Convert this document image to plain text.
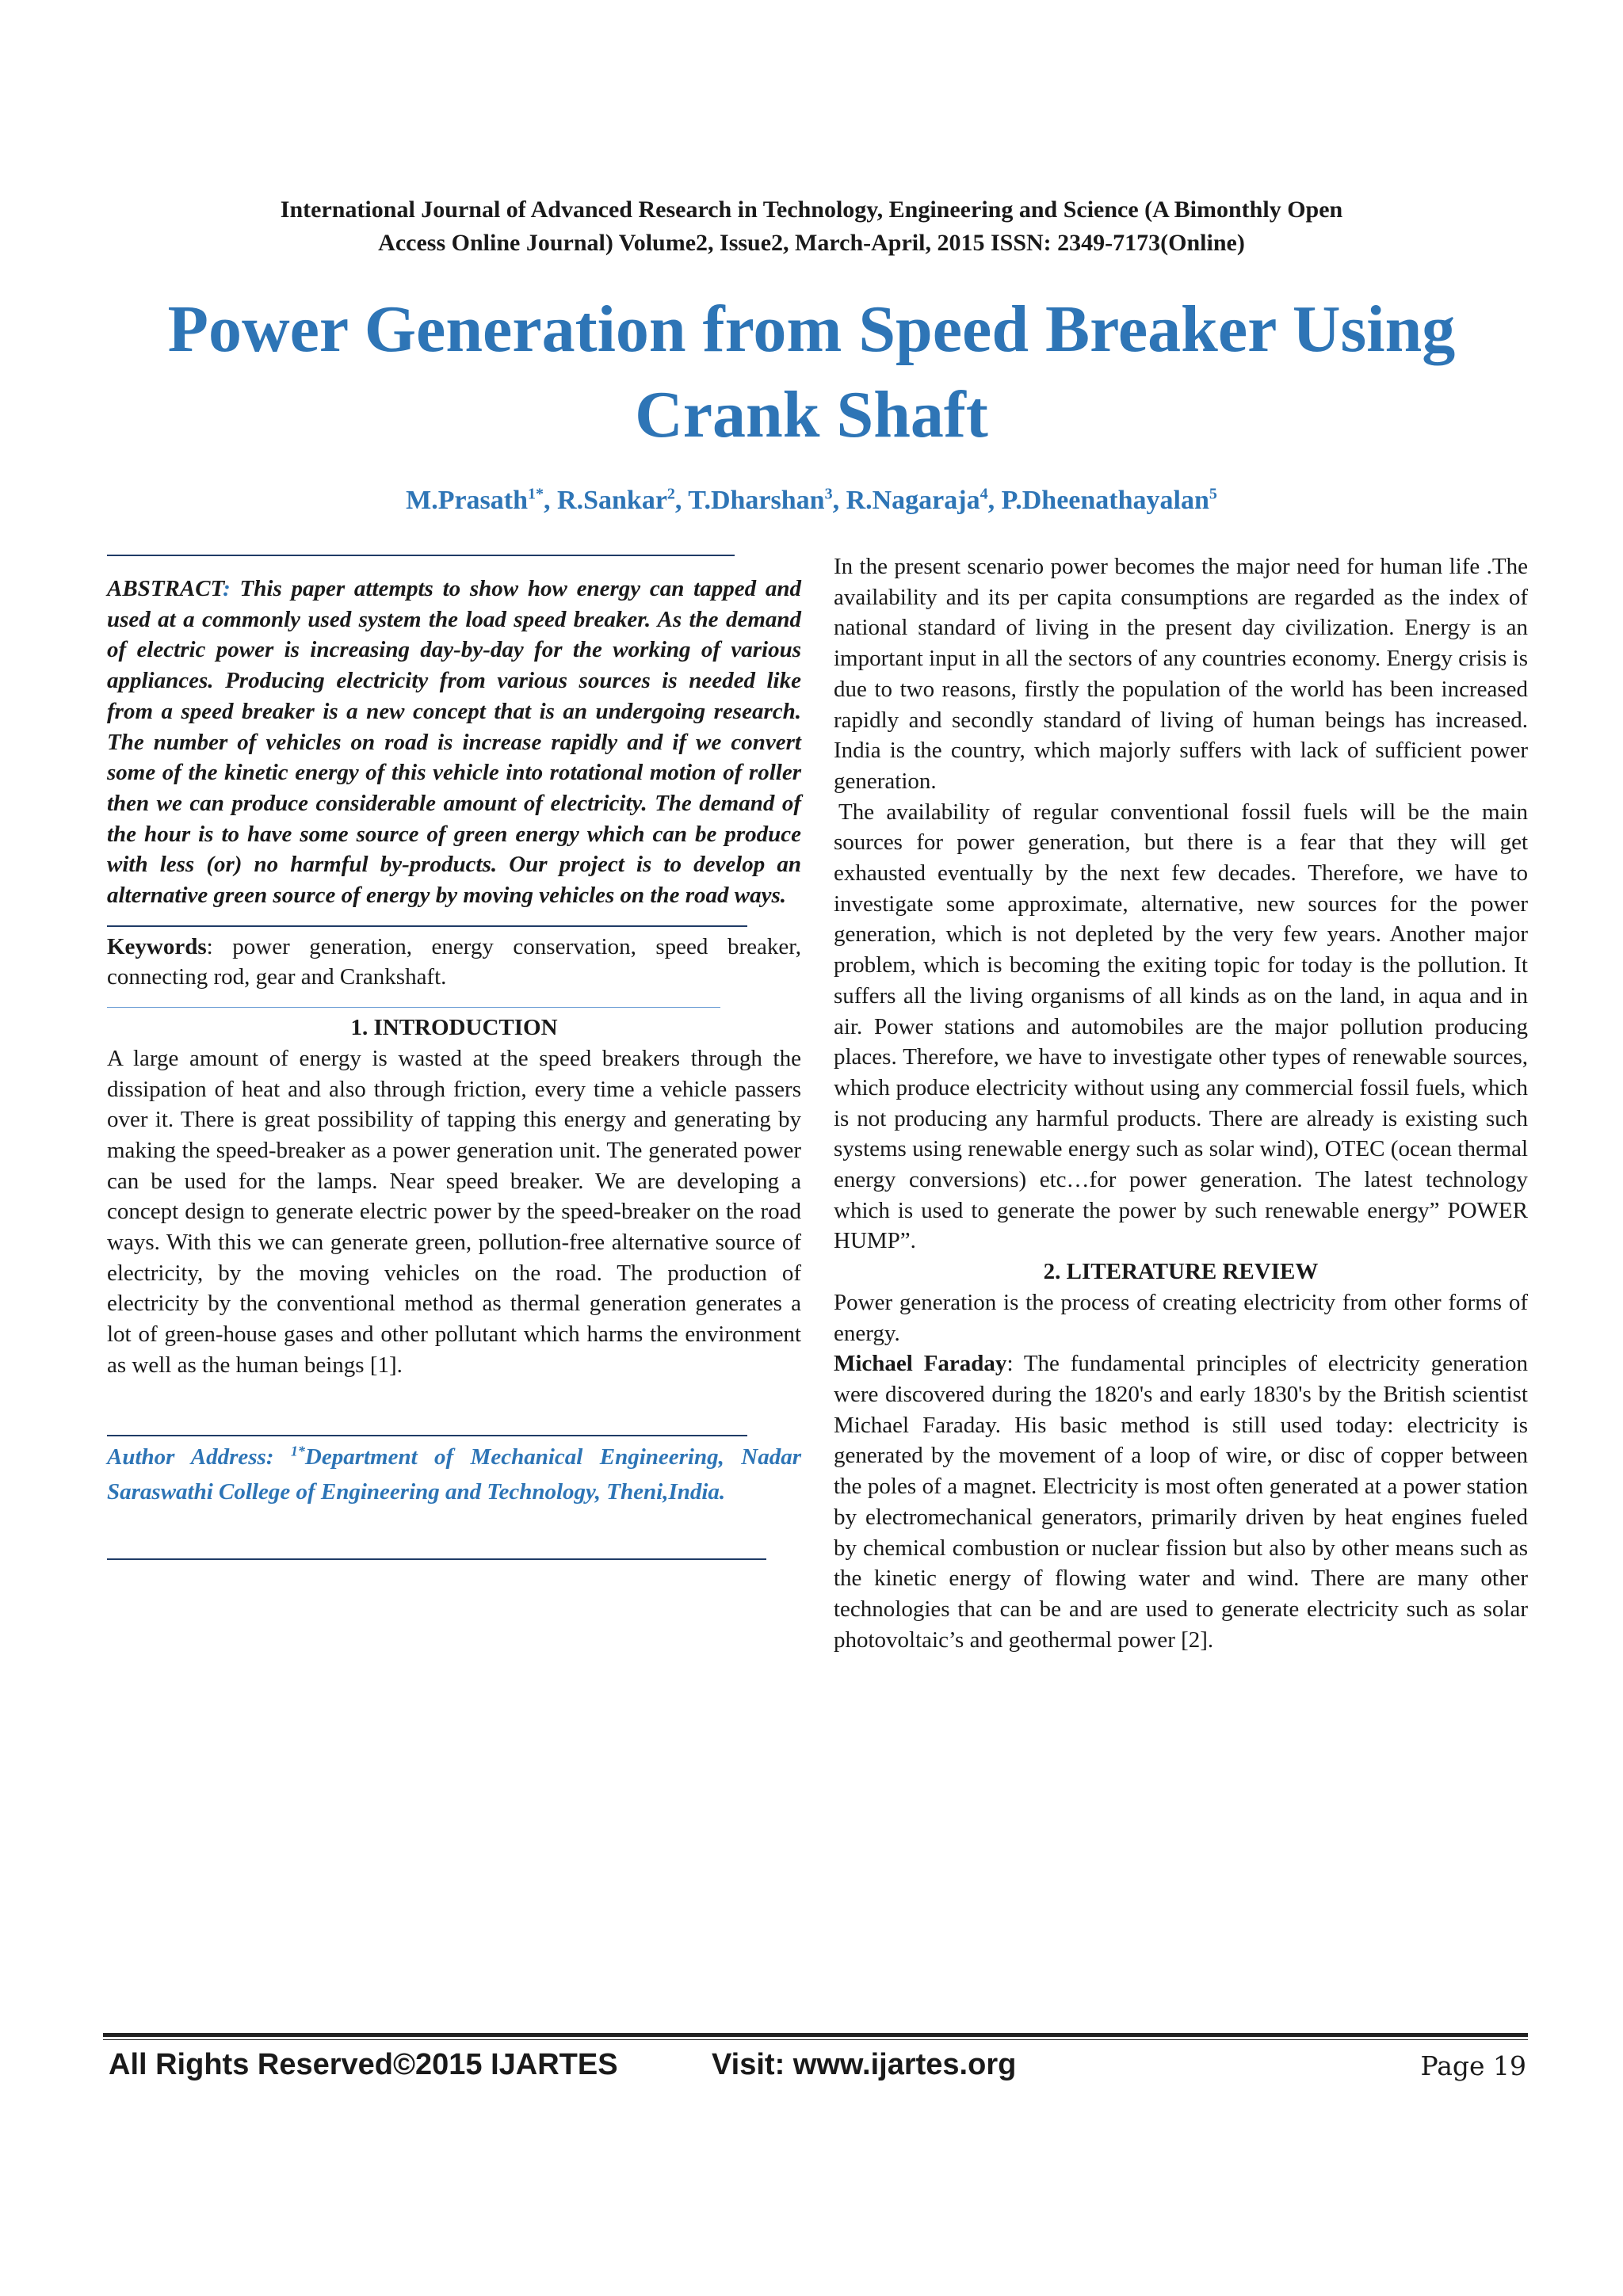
International Journal of Advanced Research in Technology, Engineering and Science (A Bimonthly Open
Access Online Journal) Volume2, Issue2, March-April, 2015 ISSN: 2349-7173(Online)
Power Generation from Speed Breaker Using
Crank Shaft
M.Prasath$^{1*}$, R.Sankar$^2$, T.Dharshan$^3$, R.Nagaraja$^4$, P.Dheenathayalan$^5$

ABSTRACT: This paper attempts to show how energy can tapped and used at a commonly used system the load speed breaker. As the demand of electric power is increasing day-by-day for the working of various appliances. Producing electricity from various sources is needed like from a speed breaker is a new concept that is an undergoing research. The number of vehicles on road is increase rapidly and if we convert some of the kinetic energy of this vehicle into rotational motion of roller then we can produce considerable amount of electricity. The demand of the hour is to have some source of green energy which can be produce with less (or) no harmful by-products. Our project is to develop an alternative green source of energy by moving vehicles on the road ways.

Keywords: power generation, energy conservation, speed breaker, connecting rod, gear and Crankshaft.

1. INTRODUCTION

A large amount of energy is wasted at the speed breakers through the dissipation of heat and also through friction, every time a vehicle passers over it. There is great possibility of tapping this energy and generating by making the speed-breaker as a power generation unit. The generated power can be used for the lamps. Near speed breaker. We are developing a concept design to generate electric power by the speed-breaker on the road ways. With this we can generate green, pollution-free alternative source of electricity, by the moving vehicles on the road. The production of electricity by the conventional method as thermal generation generates a lot of green-house gases and other pollutant which harms the environment as well as the human beings [1].

Author Address: $^{1*}$Department of Mechanical Engineering, Nadar Saraswathi College of Engineering and Technology, Theni,India.

In the present scenario power becomes the major need for human life .The availability and its per capita consumptions are regarded as the index of national standard of living in the present day civilization. Energy is an important input in all the sectors of any countries economy. Energy crisis is due to two reasons, firstly the population of the world has been increased rapidly and secondly standard of living of human beings has increased. India is the country, which majorly suffers with lack of sufficient power generation.

The availability of regular conventional fossil fuels will be the main sources for power generation, but there is a fear that they will get exhausted eventually by the next few decades. Therefore, we have to investigate some approximate, alternative, new sources for the power generation, which is not depleted by the very few years. Another major problem, which is becoming the exiting topic for today is the pollution. It suffers all the living organisms of all kinds as on the land, in aqua and in air. Power stations and automobiles are the major pollution producing places. Therefore, we have to investigate other types of renewable sources, which produce electricity without using any commercial fossil fuels, which is not producing any harmful products. There are already is existing such systems using renewable energy such as solar wind), OTEC (ocean thermal energy conversions) etc…for power generation. The latest technology which is used to generate the power by such renewable energy” POWER HUMP”.

2. LITERATURE REVIEW

Power generation is the process of creating electricity from other forms of energy.

Michael Faraday: The fundamental principles of electricity generation were discovered during the 1820's and early 1830's by the British scientist Michael Faraday. His basic method is still used today: electricity is generated by the movement of a loop of wire, or disc of copper between the poles of a magnet. Electricity is most often generated at a power station by electromechanical generators, primarily driven by heat engines fueled by chemical combustion or nuclear fission but also by other means such as the kinetic energy of flowing water and wind. There are many other technologies that can be and are used to generate electricity such as solar photovoltaic’s and geothermal power [2].

All Rights Reserved©2015 IJARTES	Visit: www.ijartes.org	Page 19
